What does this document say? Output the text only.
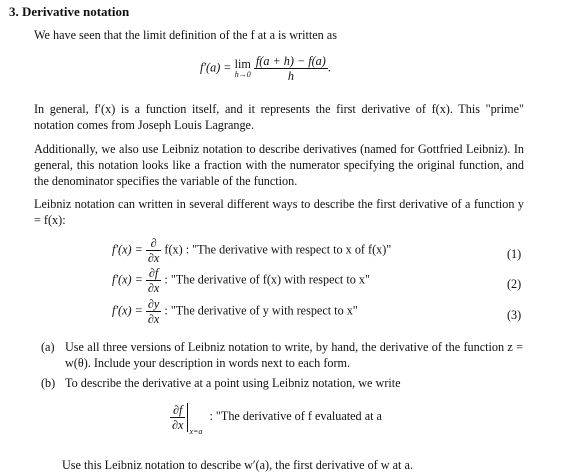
3. Derivative notation
We have seen that the limit definition of the f at a is written as
f′(a) = lim
h→0
$\frac{f(a + h) - f(a)}{h}$ .
In general, f′(x) is a function itself, and it represents the first derivative of f(x). This "prime" notation comes from Joseph Louis Lagrange.
Additionally, we also use Leibniz notation to describe derivatives (named for Gottfried Leibniz). In general, this notation looks like a fraction with the numerator specifying the original function, and the denominator specifies the variable of the function.
Leibniz notation can written in several different ways to describe the first derivative of a function y = f(x):
$f'(x) = \frac{\partial}{\partial x} f(x)$ : "The derivative with respect to x of f(x)"	(1)
$f'(x) = \frac{\partial f}{\partial x}$ : "The derivative of f(x) with respect to x"	(2)
$f'(x) = \frac{\partial y}{\partial x}$ : "The derivative of y with respect to x"	(3)
(a) Use all three versions of Leibniz notation to write, by hand, the derivative of the function z = w(θ). Include your description in words next to each form.
(b) To describe the derivative at a point using Leibniz notation, we write
$\frac{\partial f}{\partial x} x=a$
: "The derivative of f evaluated at a
Use this Leibniz notation to describe w′(a), the first derivative of w at a.
